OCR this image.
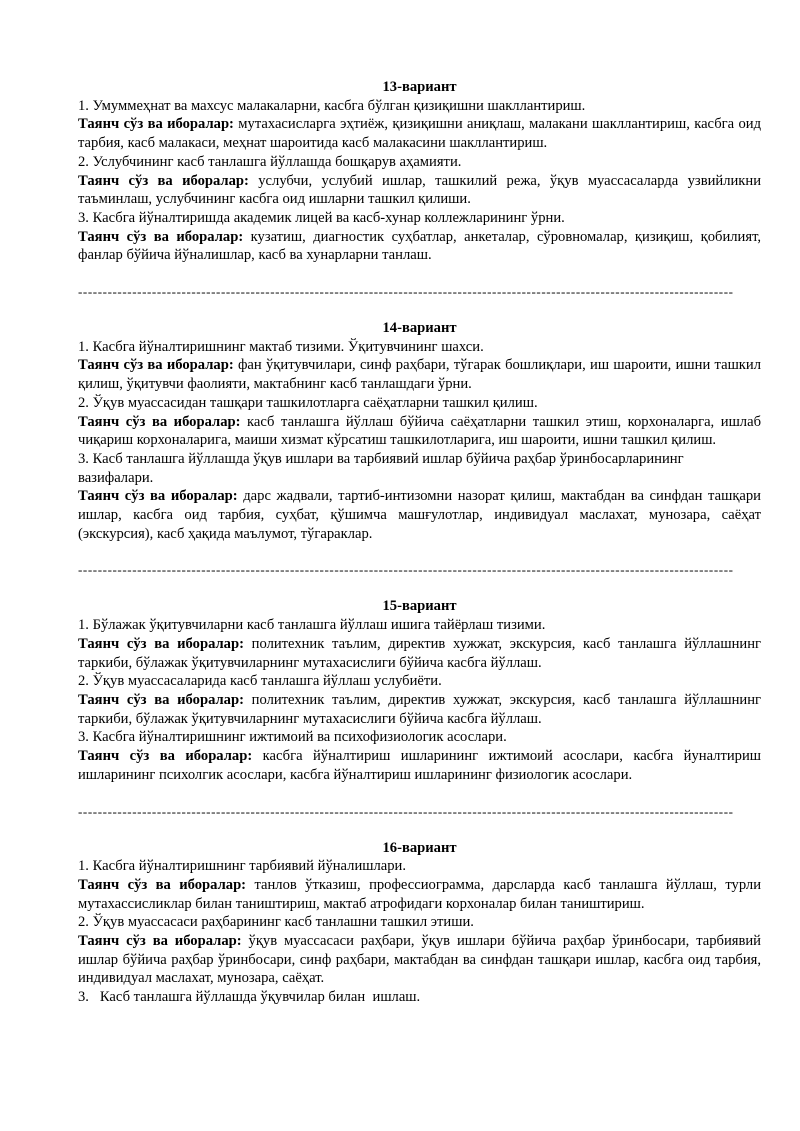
13-вариант

1. Умуммеҳнат ва махсус малакаларни, касбга бўлган қизиқишни шакллантириш.

Таянч сўз ва иборалар: мутахасисларга эҳтиёж, қизиқишни аниқлаш, малакани шакллантириш, касбга оид тарбия, касб малакаси, меҳнат шароитида касб малакасини шакллантириш.

2. Услубчининг касб танлашга йўллашда бошқарув аҳамияти.

Таянч сўз ва иборалар: услубчи, услубий ишлар, ташкилий режа, ўқув муассасаларда узвийликни таъминлаш, услубчининг касбга оид ишларни ташкил қилиши.

3. Касбга йўналтиришда академик лицей ва касб-хунар коллежларининг ўрни.

Таянч сўз ва иборалар: кузатиш, диагностик суҳбатлар, анкеталар, сўровномалар, қизиқиш, қобилият, фанлар бўйича йўналишлар, касб ва хунарларни танлаш.

-------------------------------------------------------------------------------------------------------------------------------------

14-вариант

1. Касбга йўналтиришнинг мактаб тизими. Ўқитувчининг шахси.

Таянч сўз ва иборалар: фан ўқитувчилари, синф раҳбари, тўгарак бошлиқлари, иш шароити, ишни ташкил қилиш, ўқитувчи фаолияти, мактабнинг касб танлашдаги ўрни.

2. Ўқув муассасидан ташқари ташкилотларга саёҳатларни ташкил қилиш.

Таянч сўз ва иборалар: касб танлашга йўллаш бўйича саёҳатларни ташкил этиш, корхоналарга, ишлаб чиқариш корхоналарига, маиши хизмат кўрсатиш ташкилотларига, иш шароити, ишни ташкил қилиш.

3. Касб танлашга йўллашда ўқув ишлари ва тарбиявий ишлар бўйича раҳбар ўринбосарларининг вазифалари.

Таянч сўз ва иборалар: дарс жадвали, тартиб-интизомни назорат қилиш, мактабдан ва синфдан ташқари ишлар, касбга оид тарбия, суҳбат, қўшимча машғулотлар, индивидуал маслахат, мунозара, саёҳат (экскурсия), касб ҳақида маълумот, тўгараклар.

-------------------------------------------------------------------------------------------------------------------------------------

15-вариант

1. Бўлажак ўқитувчиларни касб танлашга йўллаш ишига тайёрлаш тизими.

Таянч сўз ва иборалар: политехник таълим, директив хужжат, экскурсия, касб танлашга йўллашнинг таркиби, бўлажак ўқитувчиларнинг мутахасислиги бўйича касбга йўллаш.

2. Ўқув муассасаларида касб танлашга йўллаш услубиёти.

Таянч сўз ва иборалар: политехник таълим, директив хужжат, экскурсия, касб танлашга йўллашнинг таркиби, бўлажак ўқитувчиларнинг мутахасислиги бўйича касбга йўллаш.

3. Касбга йўналтиришнинг ижтимоий ва психофизиологик асослари.

Таянч сўз ва иборалар: касбга йўналтириш ишларининг ижтимоий асослари, касбга йуналтириш ишларининг психолгик асослари, касбга йўналтириш ишларининг физиологик асослари.

-------------------------------------------------------------------------------------------------------------------------------------

16-вариант

1. Касбга йўналтиришнинг тарбиявий йўналишлари.

Таянч сўз ва иборалар: танлов ўтказиш, профессиограмма, дарсларда касб танлашга йўллаш, турли мутахассисликлар билан таништириш, мактаб атрофидаги корхоналар билан таништириш.

2. Ўқув муассасаси раҳбарининг касб танлашни ташкил этиши.

Таянч сўз ва иборалар: ўқув муассасаси раҳбари, ўқув ишлари бўйича раҳбар ўринбосари, тарбиявий ишлар бўйича раҳбар ўринбосари, синф раҳбари, мактабдан ва синфдан ташқари ишлар, касбга оид тарбия, индивидуал маслахат, мунозара, саёҳат.

3.   Касб танлашга йўллашда ўқувчилар билан  ишлаш.
